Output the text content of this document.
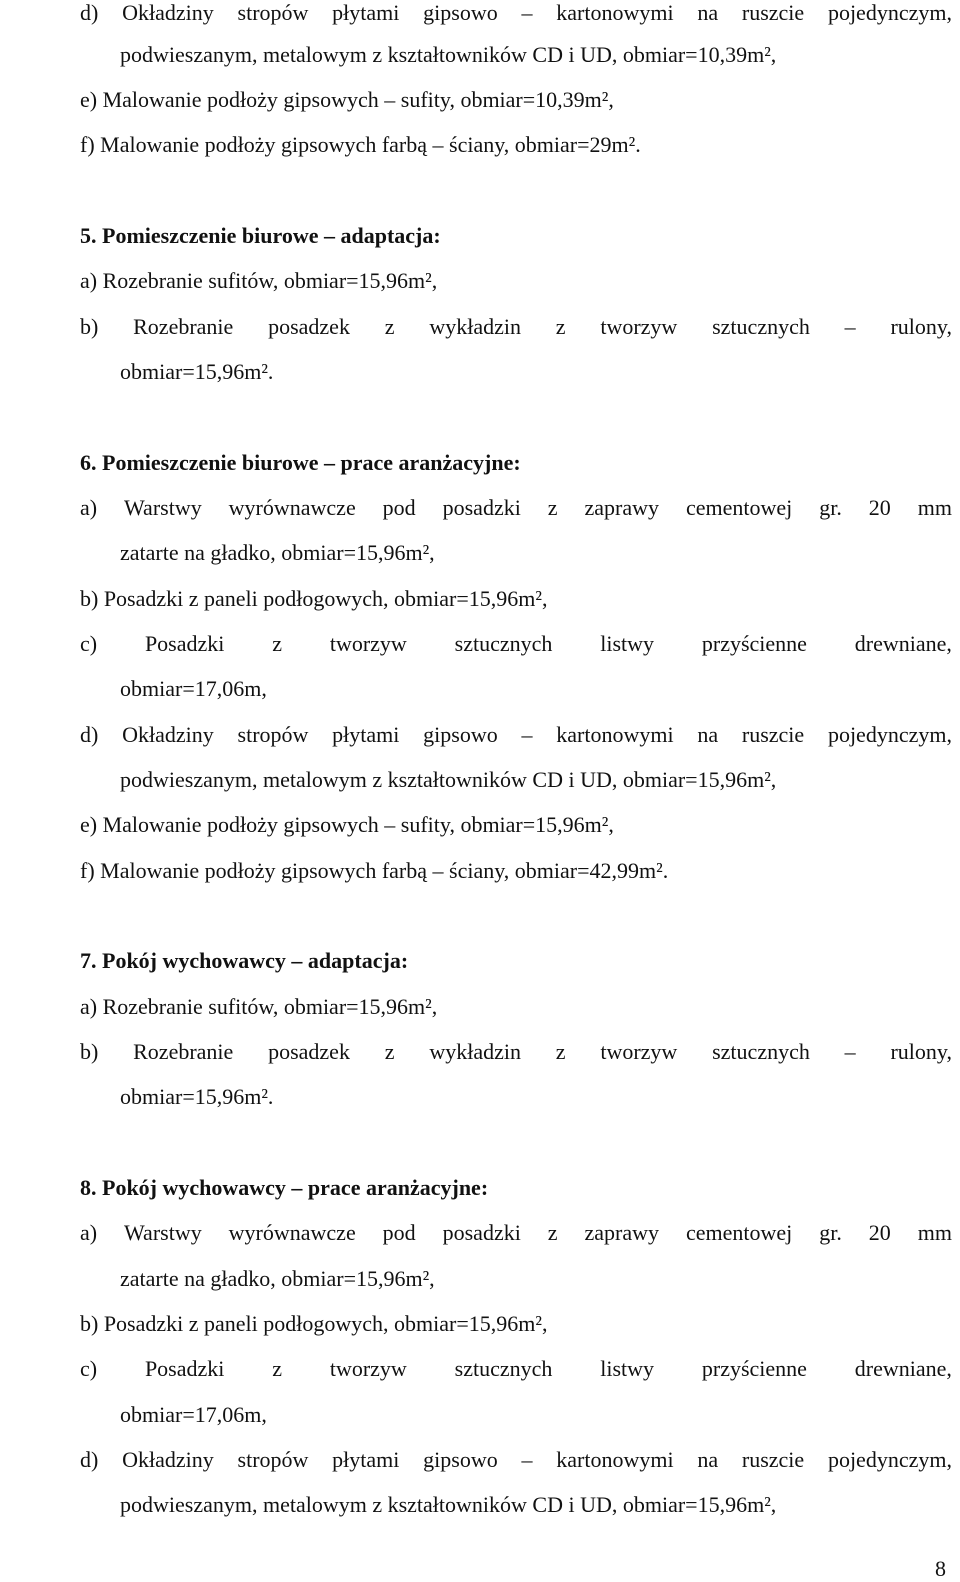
d) Okładziny stropów płytami gipsowo – kartonowymi na ruszcie pojedynczym,
podwieszanym, metalowym z kształtowników CD i UD, obmiar=10,39m²,
e) Malowanie podłoży gipsowych – sufity, obmiar=10,39m²,
f) Malowanie podłoży gipsowych farbą – ściany, obmiar=29m².
5. Pomieszczenie biurowe – adaptacja:
a) Rozebranie sufitów, obmiar=15,96m²,
b) Rozebranie posadzek z wykładzin z tworzyw sztucznych – rulony,
obmiar=15,96m².
6. Pomieszczenie biurowe – prace aranżacyjne:
a) Warstwy wyrównawcze pod posadzki z zaprawy cementowej gr. 20 mm
zatarte na gładko, obmiar=15,96m²,
b) Posadzki z paneli podłogowych, obmiar=15,96m²,
c) Posadzki z tworzyw sztucznych listwy przyścienne drewniane,
obmiar=17,06m,
d) Okładziny stropów płytami gipsowo – kartonowymi na ruszcie pojedynczym,
podwieszanym, metalowym z kształtowników CD i UD, obmiar=15,96m²,
e) Malowanie podłoży gipsowych – sufity, obmiar=15,96m²,
f) Malowanie podłoży gipsowych farbą – ściany, obmiar=42,99m².
7. Pokój wychowawcy – adaptacja:
a) Rozebranie sufitów, obmiar=15,96m²,
b) Rozebranie posadzek z wykładzin z tworzyw sztucznych – rulony,
obmiar=15,96m².
8. Pokój wychowawcy – prace aranżacyjne:
a) Warstwy wyrównawcze pod posadzki z zaprawy cementowej gr. 20 mm
zatarte na gładko, obmiar=15,96m²,
b) Posadzki z paneli podłogowych, obmiar=15,96m²,
c) Posadzki z tworzyw sztucznych listwy przyścienne drewniane,
obmiar=17,06m,
d) Okładziny stropów płytami gipsowo – kartonowymi na ruszcie pojedynczym,
podwieszanym, metalowym z kształtowników CD i UD, obmiar=15,96m²,
8
